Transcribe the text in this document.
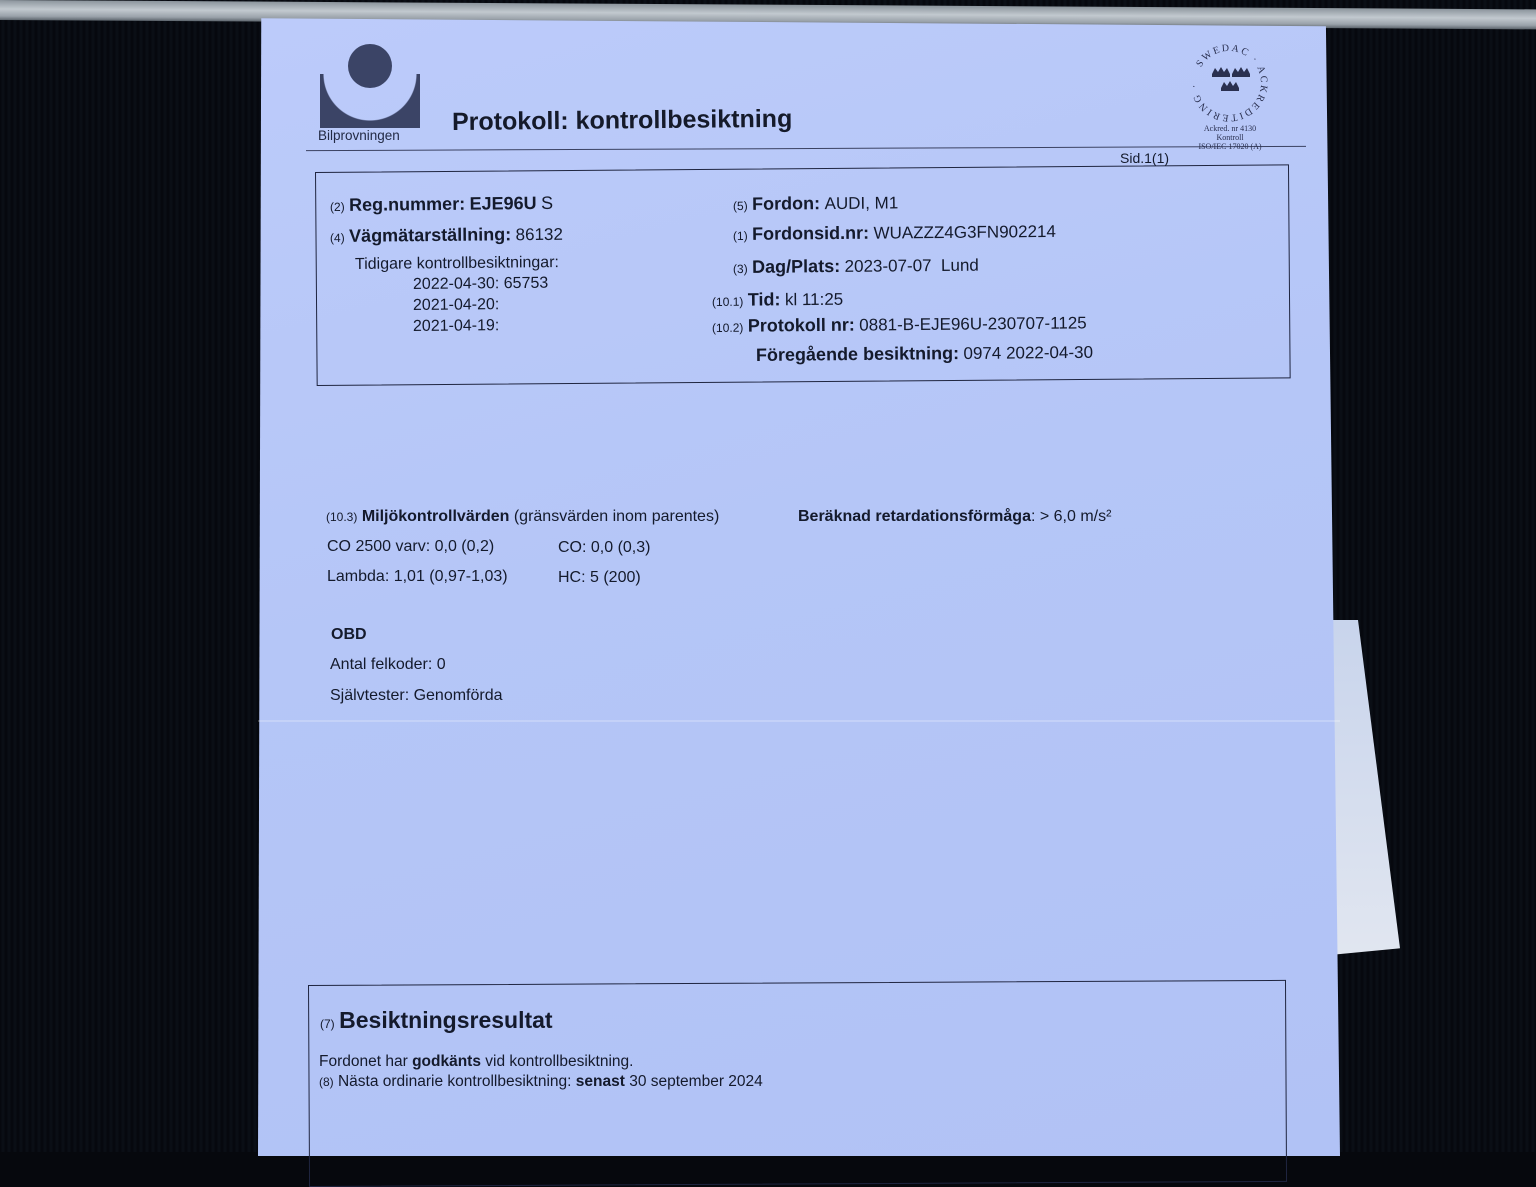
Bilprovningen Protokoll: kontrollbesiktning
Sid.1(1)
SWEDAC · ACKREDITERING ·
Ackred. nr 4130
Kontroll
ISO/IEC 17020 (A)
(2) Reg.nummer: EJE96U S
(4) Vägmätarställning: 86132
Tidigare kontrollbesiktningar:
2022-04-30: 65753
2021-04-20:
2021-04-19:
(5) Fordon: AUDI, M1
(1) Fordonsid.nr: WUAZZZ4G3FN902214
(3) Dag/Plats: 2023-07-07  Lund
(10.1) Tid: kl 11:25
(10.2) Protokoll nr: 0881-B-EJE96U-230707-1125
Föregående besiktning: 0974 2022-04-30
(10.3) Miljökontrollvärden (gränsvärden inom parentes)	Beräknad retardationsförmåga: > 6,0 m/s²
CO 2500 varv: 0,0 (0,2)	CO: 0,0 (0,3)
Lambda: 1,01 (0,97-1,03)	HC: 5 (200)
OBD
Antal felkoder: 0
Självtester: Genomförda
(7) Besiktningsresultat
Fordonet har godkänts vid kontrollbesiktning.
(8) Nästa ordinarie kontrollbesiktning: senast 30 september 2024
